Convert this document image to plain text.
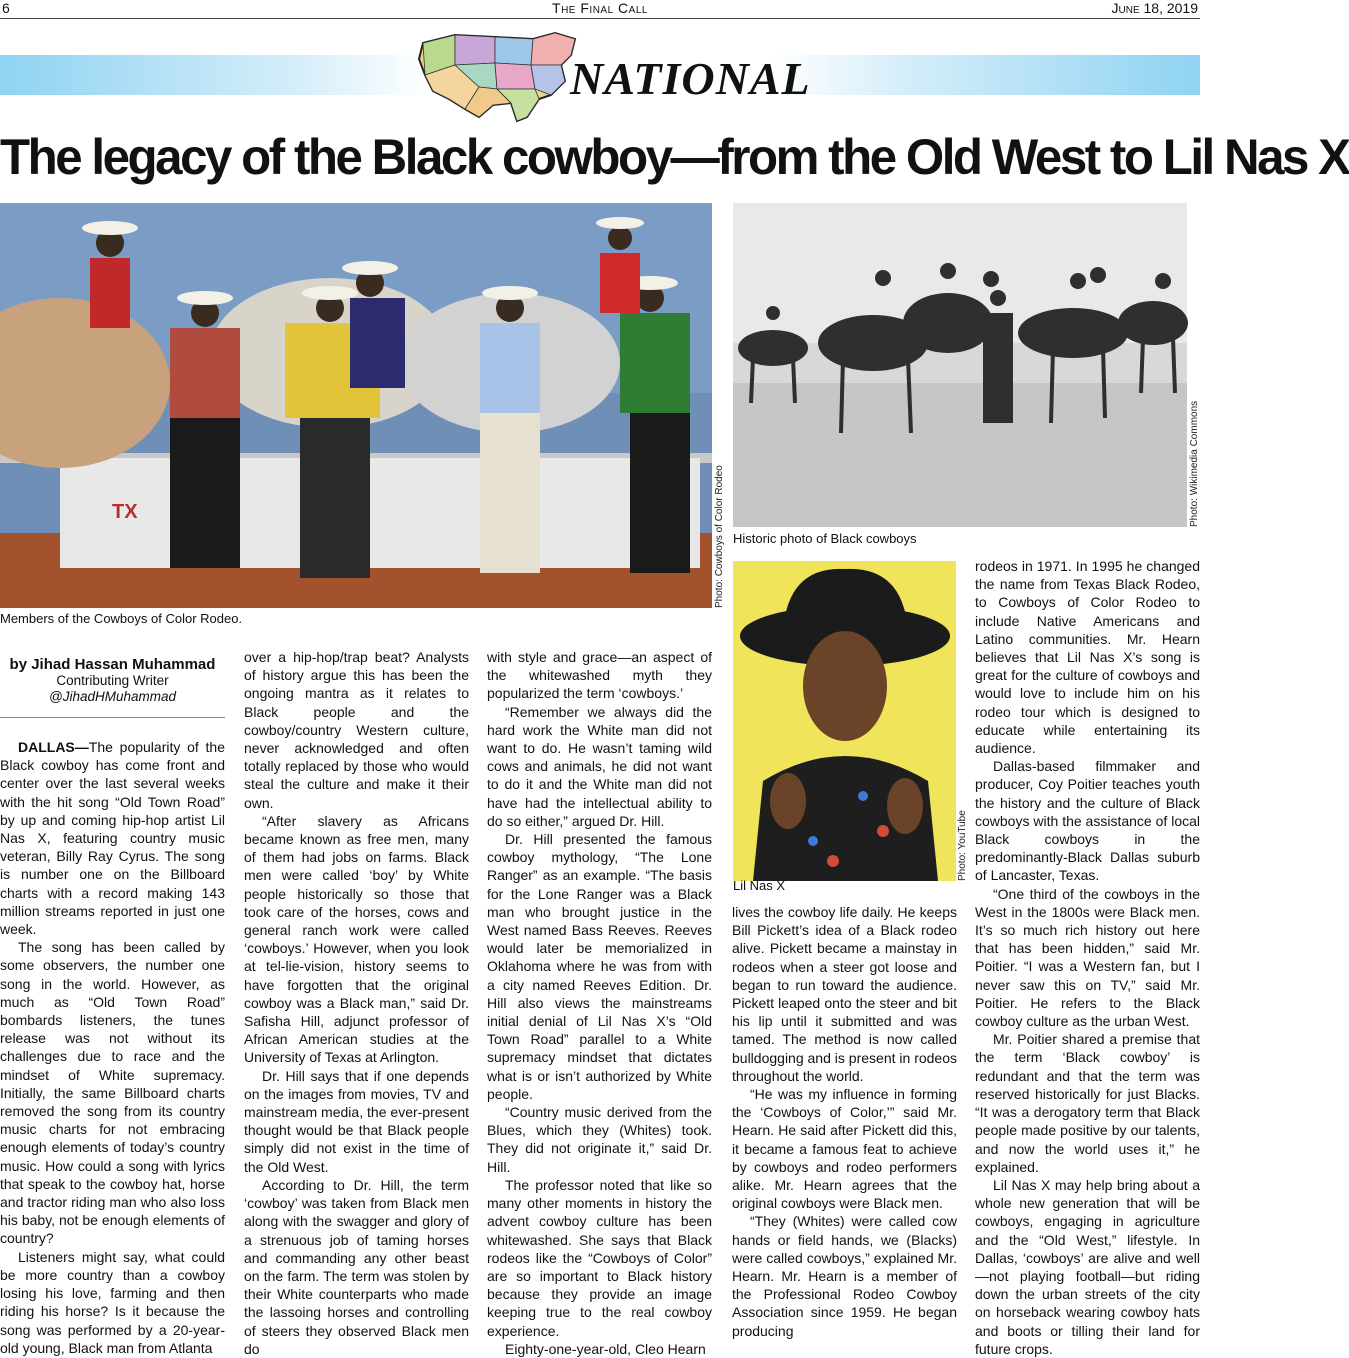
6	The Final Call	June 18, 2019
NATIONAL
The legacy of the Black cowboy—from the Old West to Lil Nas X
TX	Photo: Cowboys of Color Rodeo
Members of the Cowboys of Color Rodeo.
Photo: Wikimedia Commons
Historic photo of Black cowboys
Photo: YouTube
Lil Nas X
by Jihad Hassan Muhammad
Contributing Writer
@JihadHMuhammad

DALLAS—The popularity of the Black cowboy has come front and center over the last several weeks with the hit song “Old Town Road” by up and coming hip-hop artist Lil Nas X, featuring country music veteran, Billy Ray Cyrus. The song is number one on the Billboard charts with a record making 143 million streams reported in just one week.

The song has been called by some observers, the number one song in the world. However, as much as “Old Town Road” bombards listeners, the tunes release was not without its challenges due to race and the mindset of White supremacy. Initially, the same Billboard charts removed the song from its country music charts for not embracing enough elements of today’s country music. How could a song with lyrics that speak to the cowboy hat, horse and tractor riding man who also loss his baby, not be enough elements of country?

Listeners might say, what could be more country than a cowboy losing his love, farming and then riding his horse? Is it because the song was performed by a 20-year-old young, Black man from Atlanta

over a hip-hop/trap beat? Analysts of history argue this has been the ongoing mantra as it relates to Black people and the cowboy/country Western culture, never acknowledged and often totally replaced by those who would steal the culture and make it their own.

“After slavery as Africans became known as free men, many of them had jobs on farms. Black men were called ‘boy’ by White people historically so those that took care of the horses, cows and general ranch work were called ‘cowboys.’ However, when you look at tel-lie-vision, history seems to have forgotten that the original cowboy was a Black man,” said Dr. Safisha Hill, adjunct professor of African American studies at the University of Texas at Arlington.

Dr. Hill says that if one depends on the images from movies, TV and mainstream media, the ever-present thought would be that Black people simply did not exist in the time of the Old West.

According to Dr. Hill, the term ‘cowboy’ was taken from Black men along with the swagger and glory of a strenuous job of taming horses and commanding any other beast on the farm. The term was stolen by their White counterparts who made the lassoing horses and controlling of steers they observed Black men do

with style and grace—an aspect of the whitewashed myth they popularized the term ‘cowboys.’

“Remember we always did the hard work the White man did not want to do. He wasn’t taming wild cows and animals, he did not want to do it and the White man did not have had the intellectual ability to do so either,” argued Dr. Hill.

Dr. Hill presented the famous cowboy mythology, “The Lone Ranger” as an example. “The basis for the Lone Ranger was a Black man who brought justice in the West named Bass Reeves. Reeves would later be memorialized in Oklahoma where he was from with a city named Reeves Edition. Dr. Hill also views the mainstreams initial denial of Lil Nas X’s “Old Town Road” parallel to a White supremacy mindset that dictates what is or isn’t authorized by White people.

“Country music derived from the Blues, which they (Whites) took. They did not originate it,” said Dr. Hill.

The professor noted that like so many other moments in history the advent cowboy culture has been whitewashed. She says that Black rodeos like the “Cowboys of Color” are so important to Black history because they provide an image keeping true to the real cowboy experience.

Eighty-one-year-old, Cleo Hearn

lives the cowboy life daily. He keeps Bill Pickett’s idea of a Black rodeo alive. Pickett became a mainstay in rodeos when a steer got loose and began to run toward the audience. Pickett leaped onto the steer and bit his lip until it submitted and was tamed. The method is now called bulldogging and is present in rodeos throughout the world.

“He was my influence in forming the ‘Cowboys of Color,’” said Mr. Hearn. He said after Pickett did this, it became a famous feat to achieve by cowboys and rodeo performers alike. Mr. Hearn agrees that the original cowboys were Black men.

“They (Whites) were called cow hands or field hands, we (Blacks) were called cowboys,” explained Mr. Hearn. Mr. Hearn is a member of the Professional Rodeo Cowboy Association since 1959. He began producing

rodeos in 1971. In 1995 he changed the name from Texas Black Rodeo, to Cowboys of Color Rodeo to include Native Americans and Latino communities. Mr. Hearn believes that Lil Nas X’s song is great for the culture of cowboys and would love to include him on his rodeo tour which is designed to educate while entertaining its audience.

Dallas-based filmmaker and producer, Coy Poitier teaches youth the history and the culture of Black cowboys with the assistance of local Black cowboys in the predominantly-Black Dallas suburb of Lancaster, Texas.

“One third of the cowboys in the West in the 1800s were Black men. It’s so much rich history out here that has been hidden,” said Mr. Poitier. “I was a Western fan, but I never saw this on TV,” said Mr. Poitier. He refers to the Black cowboy culture as the urban West.

Mr. Poitier shared a premise that the term ‘Black cowboy’ is redundant and that the term was reserved historically for just Blacks. “It was a derogatory term that Black people made positive by our talents, and now the world uses it,” he explained.

Lil Nas X may help bring about a whole new generation that will be cowboys, engaging in agriculture and the “Old West,” lifestyle. In Dallas, ‘cowboys’ are alive and well—not playing football—but riding down the urban streets of the city on horseback wearing cowboy hats and boots or tilling their land for future crops.
